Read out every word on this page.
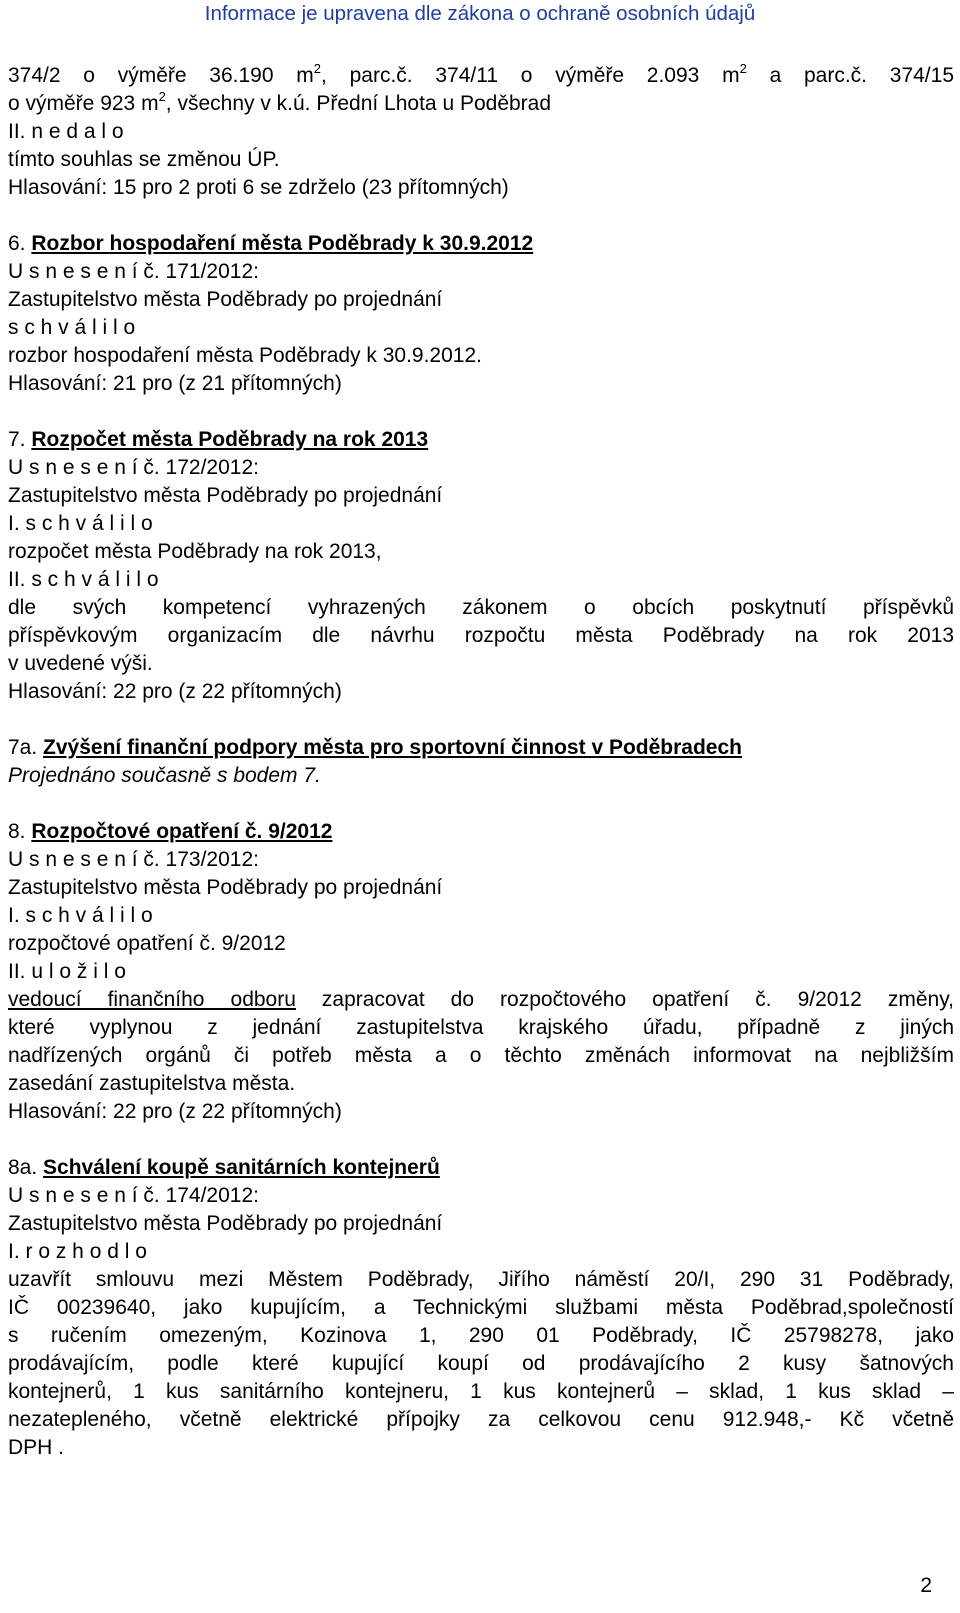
Informace je upravena dle zákona o ochraně osobních údajů
374/2 o výměře 36.190 $m^2$, parc.č. 374/11 o výměře 2.093 $m^2$ a parc.č. 374/15
o výměře 923 $m^2$, všechny v k.ú. Přední Lhota u Poděbrad
II. n e d a l o
tímto souhlas se změnou ÚP.
Hlasování: 15 pro 2 proti 6 se zdrželo (23 přítomných)
6. Rozbor hospodaření města Poděbrady k 30.9.2012
U s n e s e n í č. 171/2012:
Zastupitelstvo města Poděbrady po projednání
s c h v á l i l o
rozbor hospodaření města Poděbrady k 30.9.2012.
Hlasování: 21 pro (z 21 přítomných)
7. Rozpočet města Poděbrady na rok 2013
U s n e s e n í č. 172/2012:
Zastupitelstvo města Poděbrady po projednání
I. s c h v á l i l o
rozpočet města Poděbrady na rok 2013,
II. s c h v á l i l o
dle svých kompetencí vyhrazených zákonem o obcích poskytnutí příspěvků
příspěvkovým organizacím dle návrhu rozpočtu města Poděbrady na rok 2013
v uvedené výši.
Hlasování: 22 pro (z 22 přítomných)
7a. Zvýšení finanční podpory města pro sportovní činnost v Poděbradech
Projednáno současně s bodem 7.
8. Rozpočtové opatření č. 9/2012
U s n e s e n í č. 173/2012:
Zastupitelstvo města Poděbrady po projednání
I. s c h v á l i l o
rozpočtové opatření č. 9/2012
II. u l o ž i l o
vedoucí finančního odboru zapracovat do rozpočtového opatření č. 9/2012 změny,
které vyplynou z jednání zastupitelstva krajského úřadu, případně z jiných
nadřízených orgánů či potřeb města a o těchto změnách informovat na nejbližším
zasedání zastupitelstva města.
Hlasování: 22 pro (z 22 přítomných)
8a. Schválení koupě sanitárních kontejnerů
U s n e s e n í č. 174/2012:
Zastupitelstvo města Poděbrady po projednání
I. r o z h o d l o
uzavřít smlouvu mezi Městem Poděbrady, Jiřího náměstí 20/I, 290 31 Poděbrady,
IČ 00239640, jako kupujícím, a Technickými službami města Poděbrad,společností
s ručením omezeným, Kozinova 1, 290 01 Poděbrady, IČ 25798278, jako
prodávajícím, podle které kupující koupí od prodávajícího 2 kusy šatnových
kontejnerů, 1 kus sanitárního kontejneru, 1 kus kontejnerů – sklad, 1 kus sklad –
nezatepleného, včetně elektrické přípojky za celkovou cenu 912.948,- Kč včetně
DPH .
2
